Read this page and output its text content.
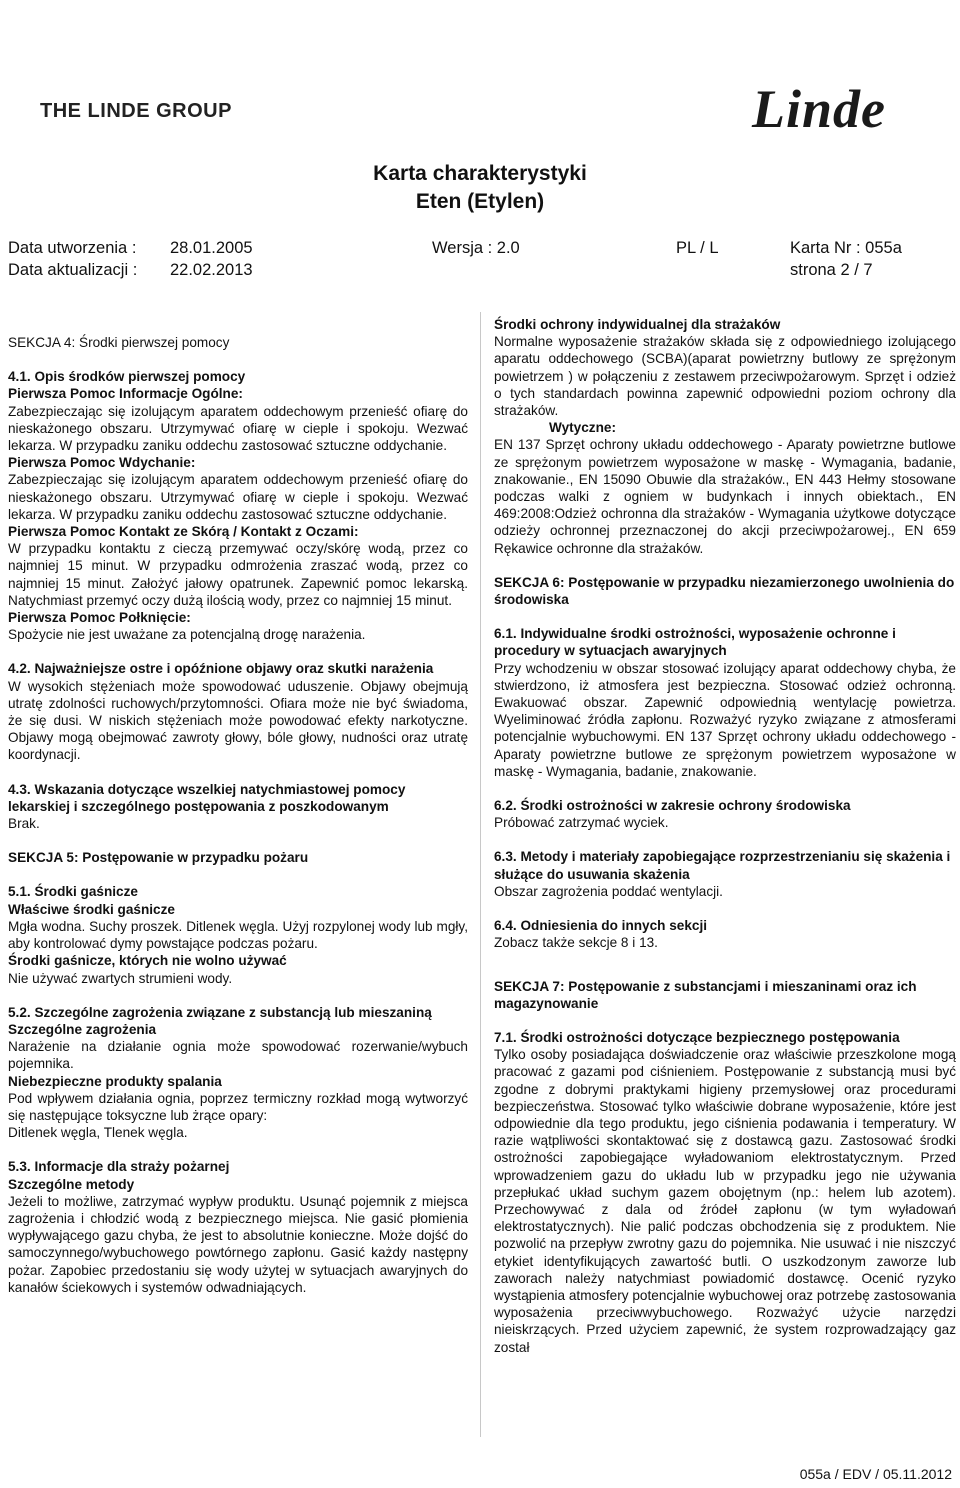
THE LINDE GROUP	Linde
Karta charakterystyki
Eten (Etylen)
Data utworzenia : 28.01.2005	Wersja : 2.0	PL / L	Karta Nr : 055a
Data aktualizacji : 22.02.2013	strona 2 / 7

SEKCJA 4: Środki pierwszej pomocy

4.1. Opis środków pierwszej pomocy

Pierwsza Pomoc Informacje Ogólne:

Zabezpieczając się izolującym aparatem oddechowym przenieść ofiarę do nieskażonego obszaru. Utrzymywać ofiarę w cieple i spokoju. Wezwać lekarza. W przypadku zaniku oddechu zastosować sztuczne oddychanie.

Pierwsza Pomoc Wdychanie:

Zabezpieczając się izolującym aparatem oddechowym przenieść ofiarę do nieskażonego obszaru. Utrzymywać ofiarę w cieple i spokoju. Wezwać lekarza. W przypadku zaniku oddechu zastosować sztuczne oddychanie.

Pierwsza Pomoc Kontakt ze Skórą / Kontakt z Oczami:

W przypadku kontaktu z cieczą przemywać oczy/skórę wodą, przez co najmniej 15 minut. W przypadku odmrożenia zraszać wodą, przez co najmniej 15 minut. Założyć jałowy opatrunek. Zapewnić pomoc lekarską. Natychmiast przemyć oczy dużą ilością wody, przez co najmniej 15 minut.

Pierwsza Pomoc Połknięcie:

Spożycie nie jest uważane za potencjalną drogę narażenia.

4.2. Najważniejsze ostre i opóźnione objawy oraz skutki narażenia

W wysokich stężeniach może spowodować uduszenie. Objawy obejmują utratę zdolności ruchowych/przytomności. Ofiara może nie być świadoma, że się dusi. W niskich stężeniach może powodować efekty narkotyczne. Objawy mogą obejmować zawroty głowy, bóle głowy, nudności oraz utratę koordynacji.

4.3. Wskazania dotyczące wszelkiej natychmiastowej pomocy lekarskiej i szczególnego postępowania z poszkodowanym

Brak.

SEKCJA 5: Postępowanie w przypadku pożaru

5.1. Środki gaśnicze

Właściwe środki gaśnicze

Mgła wodna. Suchy proszek. Ditlenek węgla. Użyj rozpylonej wody lub mgły, aby kontrolować dymy powstające podczas pożaru.

Środki gaśnicze, których nie wolno używać

Nie używać zwartych strumieni wody.

5.2. Szczególne zagrożenia związane z substancją lub mieszaniną

Szczególne zagrożenia

Narażenie na działanie ognia może spowodować rozerwanie/wybuch pojemnika.

Niebezpieczne produkty spalania

Pod wpływem działania ognia, poprzez termiczny rozkład mogą wytworzyć się następujące toksyczne lub żrące opary:

Ditlenek węgla, Tlenek węgla.

5.3. Informacje dla straży pożarnej

Szczególne metody

Jeżeli to możliwe, zatrzymać wypływ produktu. Usunąć pojemnik z miejsca zagrożenia i chłodzić wodą z bezpiecznego miejsca. Nie gasić płomienia wypływającego gazu chyba, że jest to absolutnie konieczne. Może dojść do samoczynnego/wybuchowego powtórnego zapłonu. Gasić każdy następny pożar. Zapobiec przedostaniu się wody użytej w sytuacjach awaryjnych do kanałów ściekowych i systemów odwadniających.

Środki ochrony indywidualnej dla strażaków

Normalne wyposażenie strażaków składa się z odpowiedniego izolującego aparatu oddechowego (SCBA)(aparat powietrzny butlowy ze sprężonym powietrzem ) w połączeniu z zestawem przeciwpożarowym. Sprzęt i odzież o tych standardach powinna zapewnić odpowiedni poziom ochrony dla strażaków.

Wytyczne:

EN 137 Sprzęt ochrony układu oddechowego - Aparaty powietrzne butlowe ze sprężonym powietrzem wyposażone w maskę - Wymagania, badanie, znakowanie., EN 15090 Obuwie dla strażaków., EN 443 Hełmy stosowane podczas walki z ogniem w budynkach i innych obiektach., EN 469:2008:Odzież ochronna dla strażaków - Wymagania użytkowe dotyczące odzieży ochronnej przeznaczonej do akcji przeciwpożarowej., EN 659 Rękawice ochronne dla strażaków.

SEKCJA 6: Postępowanie w przypadku niezamierzonego uwolnienia do środowiska

6.1. Indywidualne środki ostrożności, wyposażenie ochronne i procedury w sytuacjach awaryjnych

Przy wchodzeniu w obszar stosować izolujący aparat oddechowy chyba, że stwierdzono, iż atmosfera jest bezpieczna. Stosować odzież ochronną. Ewakuować obszar. Zapewnić odpowiednią wentylację powietrza. Wyeliminować źródła zapłonu. Rozważyć ryzyko związane z atmosferami potencjalnie wybuchowymi. EN 137 Sprzęt ochrony układu oddechowego - Aparaty powietrzne butlowe ze sprężonym powietrzem wyposażone w maskę - Wymagania, badanie, znakowanie.

6.2. Środki ostrożności w zakresie ochrony środowiska

Próbować zatrzymać wyciek.

6.3. Metody i materiały zapobiegające rozprzestrzenianiu się skażenia i służące do usuwania skażenia

Obszar zagrożenia poddać wentylacji.

6.4. Odniesienia do innych sekcji

Zobacz także sekcje 8 i 13.

SEKCJA 7: Postępowanie z substancjami i mieszaninami oraz ich magazynowanie

7.1. Środki ostrożności dotyczące bezpiecznego postępowania

Tylko osoby posiadająca doświadczenie oraz właściwie przeszkolone mogą pracować z gazami pod ciśnieniem. Postępowanie z substancją musi być zgodne z dobrymi praktykami higieny przemysłowej oraz procedurami bezpieczeństwa. Stosować tylko właściwie dobrane wyposażenie, które jest odpowiednie dla tego produktu, jego ciśnienia podawania i temperatury. W razie wątpliwości skontaktować się z dostawcą gazu. Zastosować środki ostrożności zapobiegające wyładowaniom elektrostatycznym. Przed wprowadzeniem gazu do układu lub w przypadku jego nie używania przepłukać układ suchym gazem obojętnym (np.: helem lub azotem). Przechowywać z dala od źródeł zapłonu (w tym wyładowań elektrostatycznych). Nie palić podczas obchodzenia się z produktem. Nie pozwolić na przepływ zwrotny gazu do pojemnika. Nie usuwać i nie niszczyć etykiet identyfikujących zawartość butli. O uszkodzonym zaworze lub zaworach należy natychmiast powiadomić dostawcę. Ocenić ryzyko wystąpienia atmosfery potencjalnie wybuchowej oraz potrzebę zastosowania wyposażenia przeciwwybuchowego. Rozważyć użycie narzędzi nieiskrzących. Przed użyciem zapewnić, że system rozprowadzający gaz został

055a / EDV / 05.11.2012
